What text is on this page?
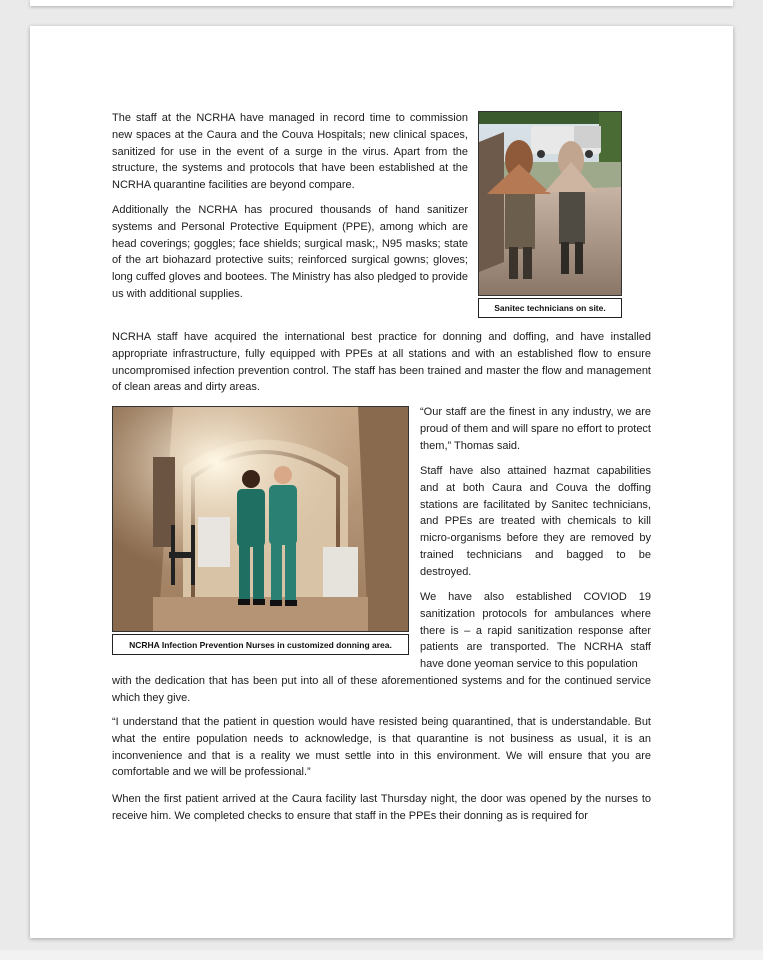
The staff at the NCRHA have managed in record time to commission new spaces at the Caura and the Couva Hospitals; new clinical spaces, sanitized for use in the event of a surge in the virus. Apart from the structure, the systems and protocols that have been established at the NCRHA quarantine facilities are beyond compare.

Additionally the NCRHA has procured thousands of hand sanitizer systems and Personal Protective Equipment (PPE), among which are head coverings; goggles; face shields; surgical mask;, N95 masks; state of the art biohazard protective suits; reinforced surgical gowns; gloves; long cuffed gloves and bootees. The Ministry has also pledged to provide us with additional supplies.

Sanitec technicians on site.

NCRHA staff have acquired the international best practice for donning and doffing, and have installed appropriate infrastructure, fully equipped with PPEs at all stations and with an established flow to ensure uncompromised infection prevention control. The staff has been trained and master the flow and management of clean areas and dirty areas.

NCRHA Infection Prevention Nurses in customized donning area.

“Our staff are the finest in any industry, we are proud of them and will spare no effort to protect them,” Thomas said.

Staff have also attained hazmat capabilities and at both Caura and Couva the doffing stations are facilitated by Sanitec technicians, and PPEs are treated with chemicals to kill micro-organisms before they are removed by trained technicians and bagged to be destroyed.

We have also established COVIOD 19 sanitization protocols for ambulances where there is – a rapid sanitization response after patients are transported. The NCRHA staff have done yeoman service to this population

with the dedication that has been put into all of these aforementioned systems and for the continued service which they give.

“I understand that the patient in question would have resisted being quarantined, that is understandable. But what the entire population needs to acknowledge, is that quarantine is not business as usual, it is an inconvenience and that is a reality we must settle into in this environment. We will ensure that you are comfortable and we will be professional.”

When the first patient arrived at the Caura facility last Thursday night, the door was opened by the nurses to receive him. We completed checks to ensure that staff in the PPEs their donning as is required for
